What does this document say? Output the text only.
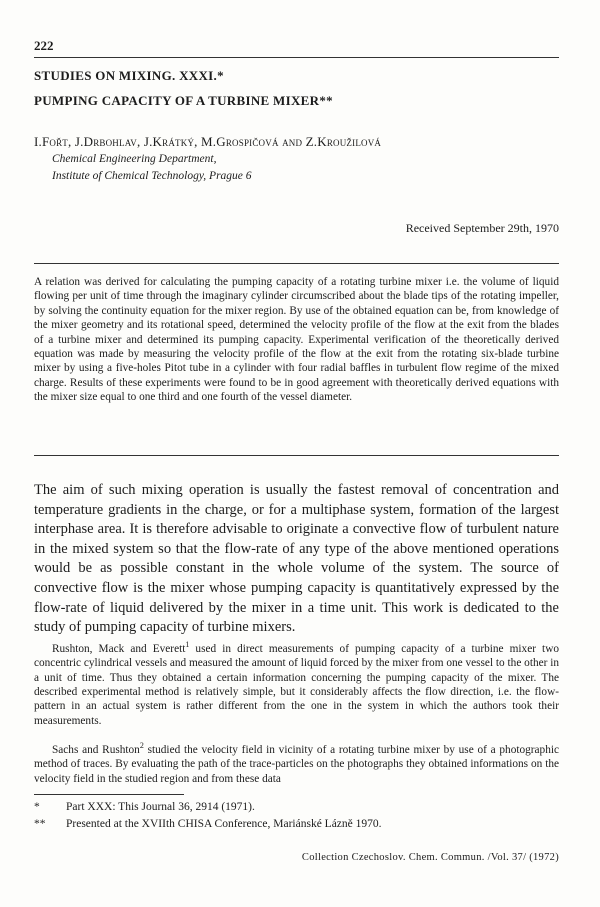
222
STUDIES ON MIXING. XXXI.*
PUMPING CAPACITY OF A TURBINE MIXER**
I.Fořt, J.Drbohlav, J.Krátký, M.Grospičová and Z.Kroužilová
Chemical Engineering Department,
Institute of Chemical Technology, Prague 6
Received September 29th, 1970
A relation was derived for calculating the pumping capacity of a rotating turbine mixer i.e. the volume of liquid flowing per unit of time through the imaginary cylinder circumscribed about the blade tips of the rotating impeller, by solving the continuity equation for the mixer region. By use of the obtained equation can be, from knowledge of the mixer geometry and its rotational speed, determined the velocity profile of the flow at the exit from the blades of a turbine mixer and determined its pumping capacity. Experimental verification of the theoretically derived equation was made by measuring the velocity profile of the flow at the exit from the rotating six-blade turbine mixer by using a five-holes Pitot tube in a cylinder with four radial baffles in turbulent flow regime of the mixed charge. Results of these experiments were found to be in good agreement with theoretically derived equations with the mixer size equal to one third and one fourth of the vessel diameter.
The aim of such mixing operation is usually the fastest removal of concentration and temperature gradients in the charge, or for a multiphase system, formation of the largest interphase area. It is therefore advisable to originate a convective flow of turbulent nature in the mixed system so that the flow-rate of any type of the above mentioned operations would be as possible constant in the whole volume of the system. The source of convective flow is the mixer whose pumping capacity is quantitatively expressed by the flow-rate of liquid delivered by the mixer in a time unit. This work is dedicated to the study of pumping capacity of turbine mixers.
Rushton, Mack and Everett$^1$ used in direct measurements of pumping capacity of a turbine mixer two concentric cylindrical vessels and measured the amount of liquid forced by the mixer from one vessel to the other in a unit of time. Thus they obtained a certain information concerning the pumping capacity of the mixer. The described experimental method is relatively simple, but it considerably affects the flow direction, i.e. the flow-pattern in an actual system is rather different from the one in the system in which the authors took their measurements.
Sachs and Rushton$^2$ studied the velocity field in vicinity of a rotating turbine mixer by use of a photographic method of traces. By evaluating the path of the trace-particles on the photographs they obtained informations on the velocity field in the studied region and from these data
* Part XXX: This Journal 36, 2914 (1971).
** Presented at the XVIIth CHISA Conference, Mariánské Lázně 1970.
Collection Czechoslov. Chem. Commun. /Vol. 37/ (1972)
